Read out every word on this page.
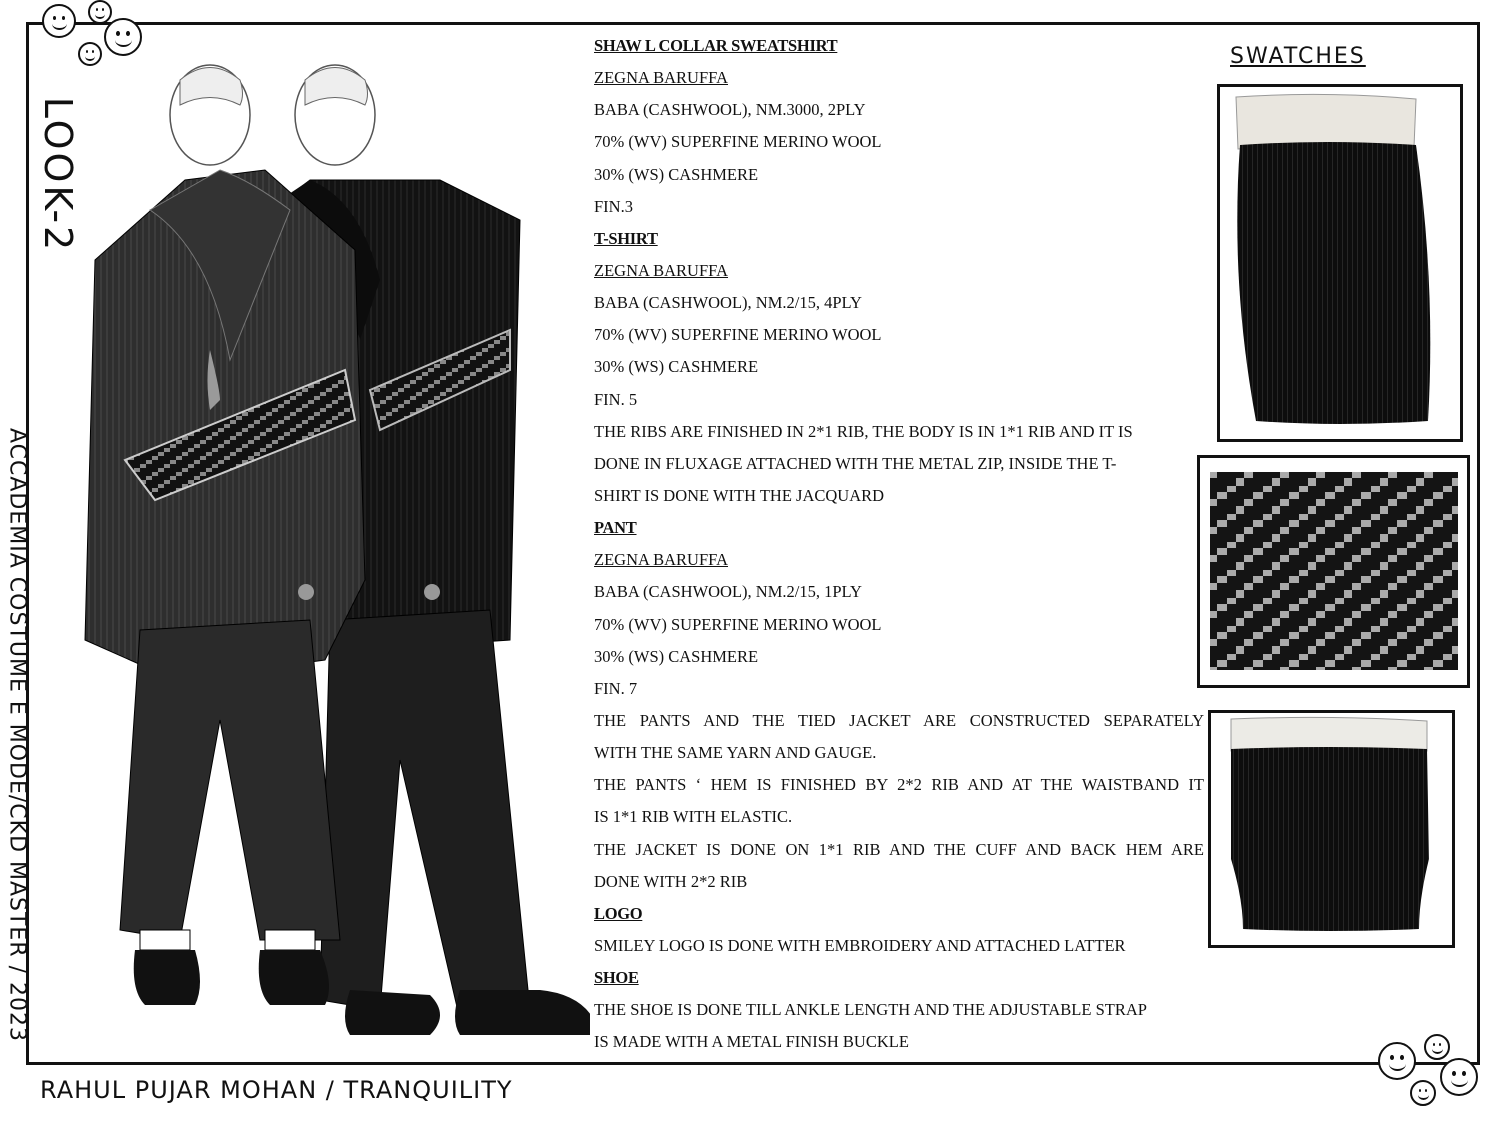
LOOK-2
ACCADEMIA COSTUME E MODE/CKD MASTER / 2023
RAHUL PUJAR MOHAN / TRANQUILITY

SHAW L COLLAR SWEATSHIRT

ZEGNA BARUFFA

BABA (CASHWOOL), NM.3000, 2PLY

70% (WV) SUPERFINE MERINO WOOL

30% (WS) CASHMERE

FIN.3

T-SHIRT

ZEGNA BARUFFA

BABA (CASHWOOL), NM.2/15, 4PLY

70% (WV) SUPERFINE MERINO WOOL

30% (WS) CASHMERE

FIN. 5

THE RIBS ARE FINISHED IN 2*1 RIB, THE BODY IS IN 1*1 RIB AND IT IS

DONE IN FLUXAGE ATTACHED WITH THE METAL ZIP, INSIDE THE T-

SHIRT IS DONE WITH THE JACQUARD

PANT

ZEGNA BARUFFA

BABA (CASHWOOL), NM.2/15, 1PLY

70% (WV) SUPERFINE MERINO WOOL

30% (WS) CASHMERE

FIN. 7

THE PANTS AND THE TIED JACKET ARE CONSTRUCTED SEPARATELY

WITH THE SAME YARN AND GAUGE.

THE PANTS ‘ HEM IS FINISHED BY 2*2 RIB AND AT THE WAISTBAND IT

IS 1*1 RIB WITH ELASTIC.

THE JACKET IS DONE ON 1*1 RIB AND THE CUFF AND BACK HEM ARE

DONE WITH 2*2 RIB

LOGO

SMILEY LOGO IS DONE WITH EMBROIDERY AND ATTACHED LATTER

SHOE

THE SHOE IS DONE TILL ANKLE LENGTH AND THE ADJUSTABLE STRAP

IS MADE WITH A METAL FINISH BUCKLE

SWATCHES
